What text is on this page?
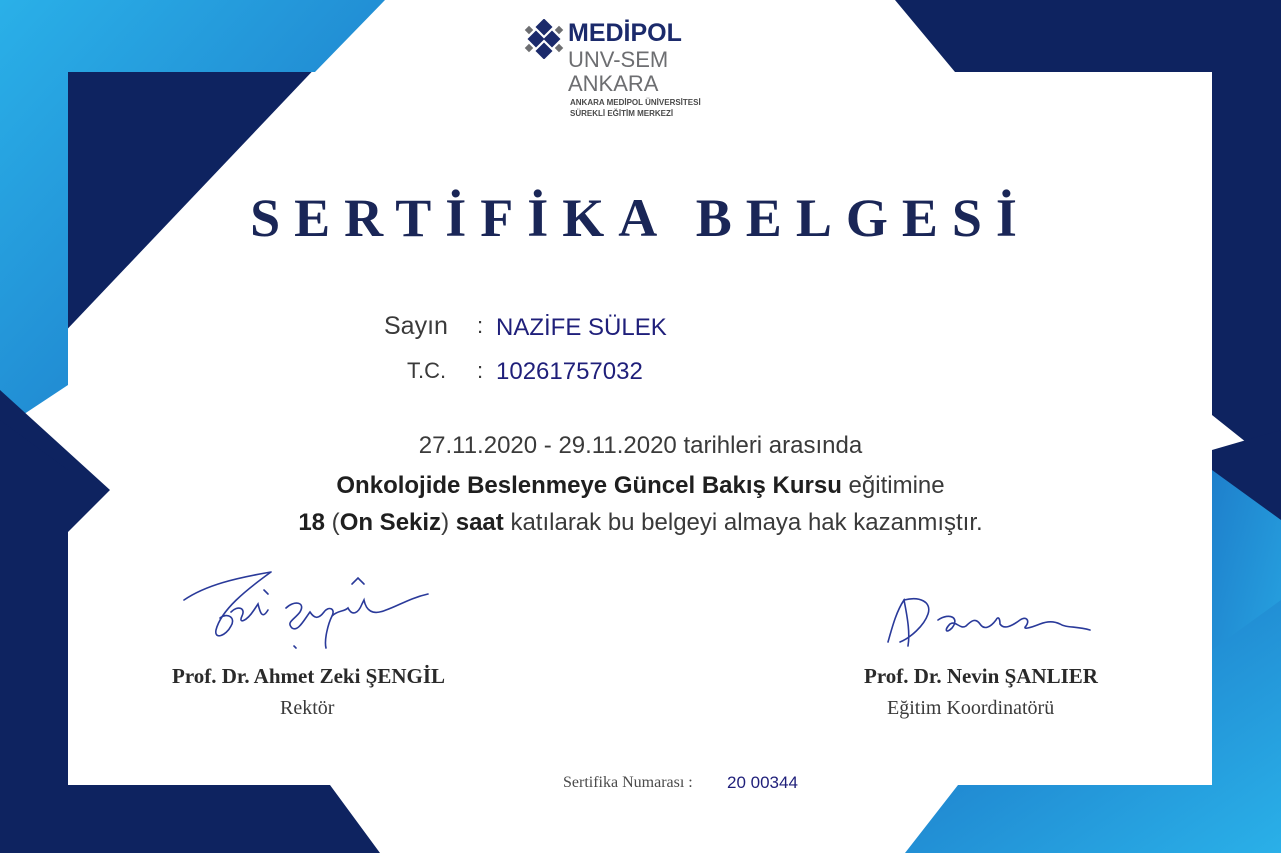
MEDİPOL
UNV-SEM
ANKARA
ANKARA MEDİPOL ÜNİVERSİTESİ
SÜREKLİ EĞİTİM MERKEZİ
SERTİFİKA BELGESİ
Sayın : NAZİFE SÜLEK
T.C. : 10261757032
27.11.2020 - 29.11.2020 tarihleri arasında
Onkolojide Beslenmeye Güncel Bakış Kursu eğitimine
18 (On Sekiz) saat katılarak bu belgeyi almaya hak kazanmıştır.
Prof. Dr. Ahmet Zeki ŞENGİL
Rektör
Prof. Dr. Nevin ŞANLIER
Eğitim Koordinatörü
Sertifika Numarası : 20 00344
